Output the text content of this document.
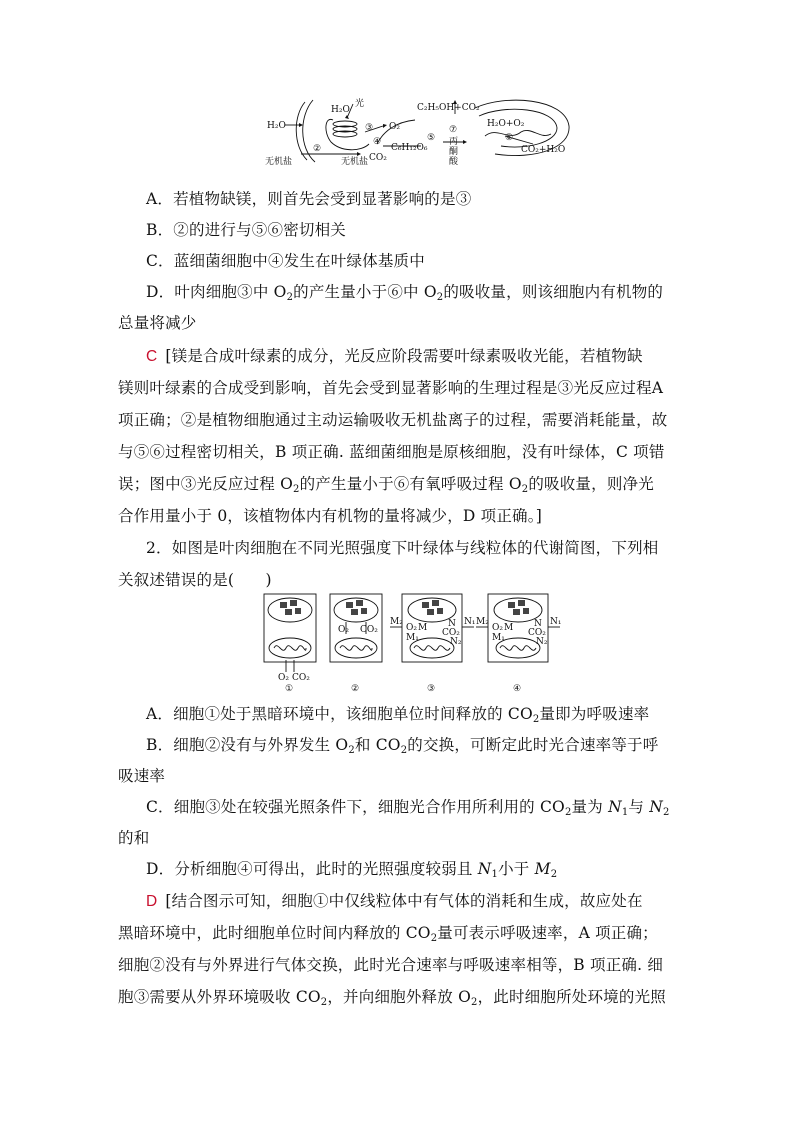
H₂O
H₂O
光
③ O₂
④
C₆H₁₂O₆
CO₂
无机盐
②
无机盐
C₂H₅OH+CO₂
⑤
⑦
丙
酮
酸
H₂O+O₂
⑥
CO₂+H₂O
A．若植物缺镁，则首先会受到显著影响的是③
B．②的进行与⑤⑥密切相关
C．蓝细菌细胞中④发生在叶绿体基质中
D．叶肉细胞③中 $O_2$的产生量小于⑥中 $O_2$的吸收量，则该细胞内有机物的
总量将减少
C [镁是合成叶绿素的成分，光反应阶段需要叶绿素吸收光能，若植物缺
镁则叶绿素的合成受到影响，首先会受到显著影响的生理过程是③光反应过程A
项正确；②是植物细胞通过主动运输吸收无机盐离子的过程，需要消耗能量，故
与⑤⑥过程密切相关，B 项正确. 蓝细菌细胞是原核细胞，没有叶绿体，C 项错
误；图中③光反应过程 $O_2$的产生量小于⑥有氧呼吸过程 $O_2$的吸收量，则净光
合作用量小于 0，该植物体内有机物的量将减少，D 项正确。]
2．如图是叶肉细胞在不同光照强度下叶绿体与线粒体的代谢简图，下列相
关叙述错误的是(　　)
O₂ CO₂
O₂ CO₂
M₂
O₂ M
M₁
N
CO₂
N₂
N₁ M₂
O₂ M
M₁
N
CO₂
N₂
N₁
①	②	③	④
A．细胞①处于黑暗环境中，该细胞单位时间释放的 $CO_2$量即为呼吸速率
B．细胞②没有与外界发生 $O_2$和 $CO_2$的交换，可断定此时光合速率等于呼
吸速率
C．细胞③处在较强光照条件下，细胞光合作用所利用的 $CO_2$量为 $N_1$与 $N_2$
的和
D．分析细胞④可得出，此时的光照强度较弱且 $N_1$小于 $M_2$
D [结合图示可知，细胞①中仅线粒体中有气体的消耗和生成，故应处在
黑暗环境中，此时细胞单位时间内释放的 $CO_2$量可表示呼吸速率，A 项正确；
细胞②没有与外界进行气体交换，此时光合速率与呼吸速率相等，B 项正确. 细
胞③需要从外界环境吸收 $CO_2$，并向细胞外释放 $O_2$，此时细胞所处环境的光照
